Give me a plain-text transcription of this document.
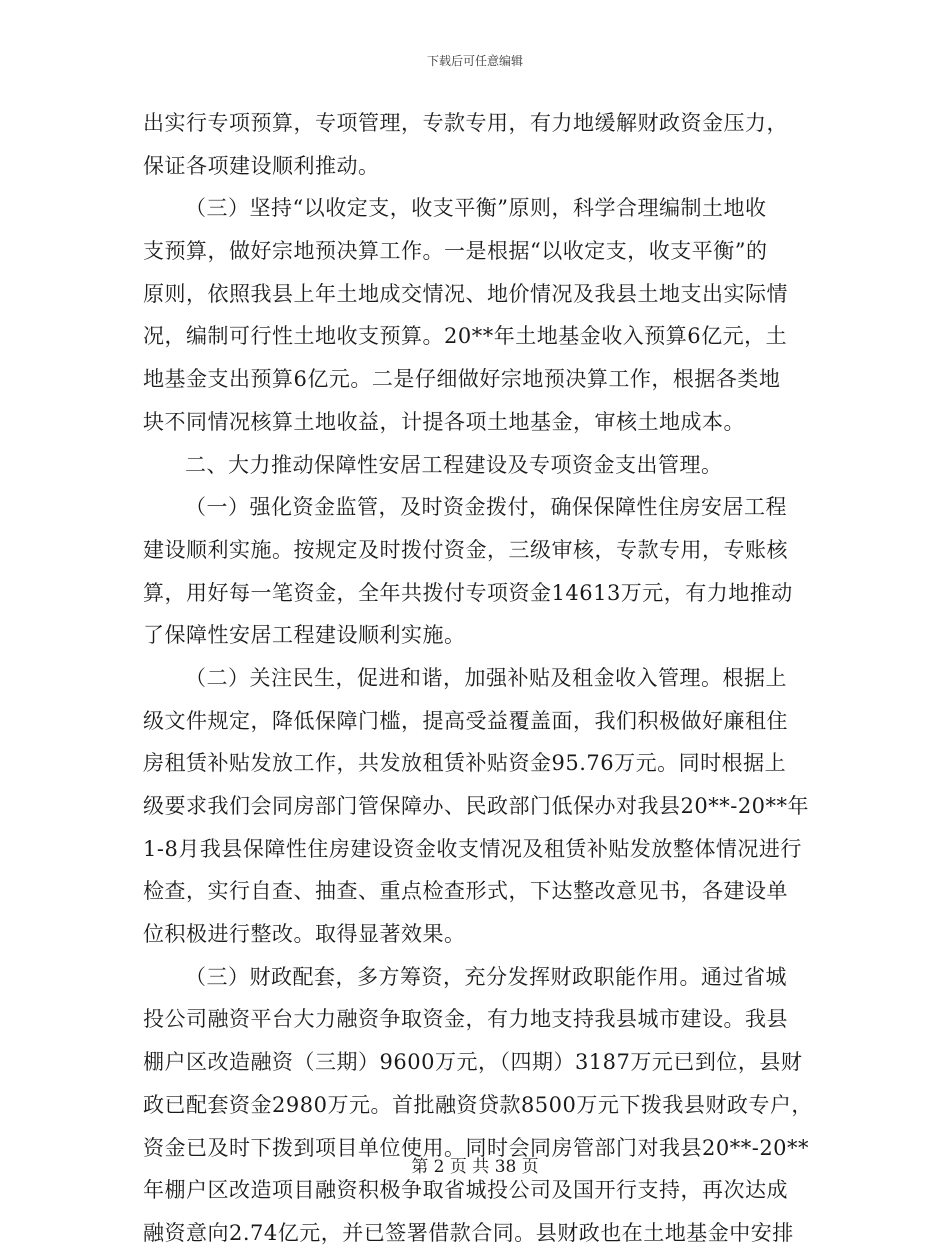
下载后可任意编辑
出实行专项预算，专项管理，专款专用，有力地缓解财政资金压力，
保证各项建设顺利推动。
（三）坚持“以收定支，收支平衡”原则，科学合理编制土地收
支预算，做好宗地预决算工作。一是根据“以收定支，收支平衡”的
原则，依照我县上年土地成交情况、地价情况及我县土地支出实际情
况，编制可行性土地收支预算。20**年土地基金收入预算6亿元，土
地基金支出预算6亿元。二是仔细做好宗地预决算工作，根据各类地
块不同情况核算土地收益，计提各项土地基金，审核土地成本。
二、大力推动保障性安居工程建设及专项资金支出管理。
（一）强化资金监管，及时资金拨付，确保保障性住房安居工程
建设顺利实施。按规定及时拨付资金，三级审核，专款专用，专账核
算，用好每一笔资金，全年共拨付专项资金14613万元，有力地推动
了保障性安居工程建设顺利实施。
（二）关注民生，促进和谐，加强补贴及租金收入管理。根据上
级文件规定，降低保障门槛，提高受益覆盖面，我们积极做好廉租住
房租赁补贴发放工作，共发放租赁补贴资金95.76万元。同时根据上
级要求我们会同房部门管保障办、民政部门低保办对我县20**-20**年
1-8月我县保障性住房建设资金收支情况及租赁补贴发放整体情况进行
检查，实行自查、抽查、重点检查形式，下达整改意见书，各建设单
位积极进行整改。取得显著效果。
（三）财政配套，多方筹资，充分发挥财政职能作用。通过省城
投公司融资平台大力融资争取资金，有力地支持我县城市建设。我县
棚户区改造融资（三期）9600万元，（四期）3187万元已到位，县财
政已配套资金2980万元。首批融资贷款8500万元下拨我县财政专户，
资金已及时下拨到项目单位使用。同时会同房管部门对我县20**-20**
年棚户区改造项目融资积极争取省城投公司及国开行支持，再次达成
融资意向2.74亿元，并已签署借款合同。县财政也在土地基金中安排
第 2 页 共 38 页
